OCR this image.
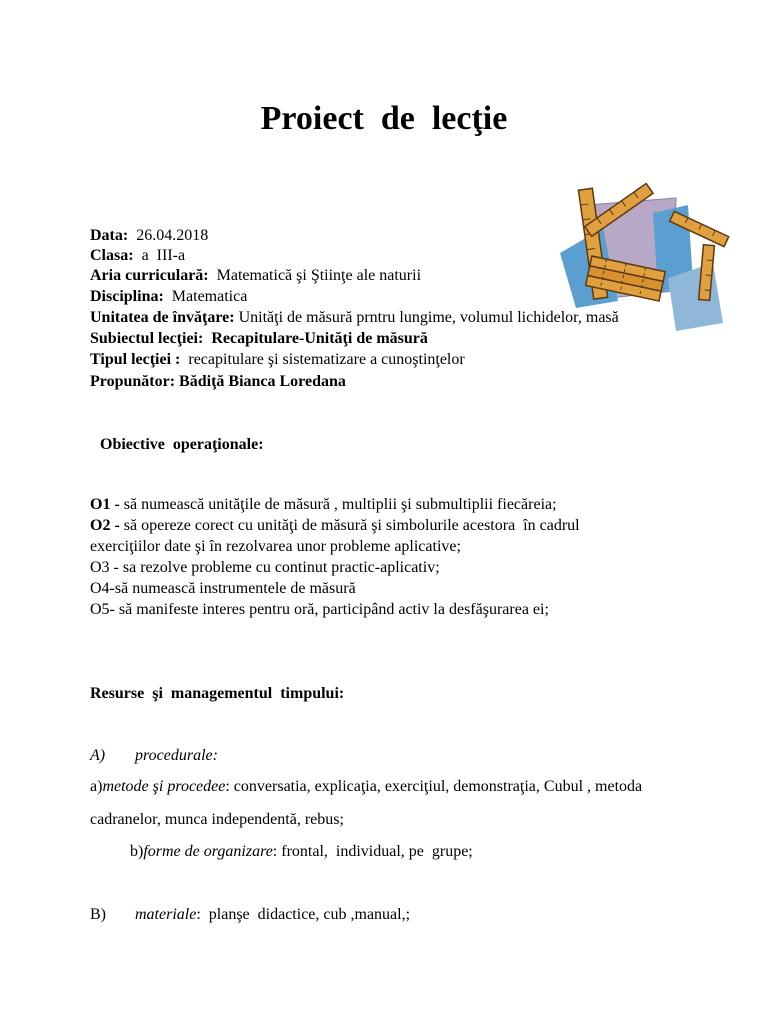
Proiect  de  lecţie
Data: 26.04.2018
Clasa: a  III-a
Aria curriculară: Matematică şi Ştiinţe ale naturii
Disciplina: Matematica
Unitatea de învăţare: Unităţi de măsură prntru lungime, volumul lichidelor, masă
Subiectul lecţiei: Recapitulare-Unităţi de măsură
Tipul lecţiei : recapitulare şi sistematizare a cunoştinţelor
Propunător: Bădiţă Bianca Loredana
Obiective  operaţionale:
O1 - să numească unităţile de măsură , multiplii şi submultiplii fiecăreia;
O2 - să opereze corect cu unităţi de măsură şi simbolurile acestora  în cadrul
exerciţiilor date şi în rezolvarea unor probleme aplicative;
O3 - sa rezolve probleme cu continut practic-aplicativ;
O4-să numească instrumentele de măsură
O5- să manifeste interes pentru oră, participând activ la desfăşurarea ei;
Resurse  şi  managementul  timpului:
A) procedurale:
a)metode şi procedee: conversatia, explicaţia, exerciţiul, demonstraţia, Cubul , metoda
cadranelor, munca independentă, rebus;
b)forme de organizare: frontal,  individual, pe  grupe;
B) materiale:  planşe  didactice, cub ,manual,;
